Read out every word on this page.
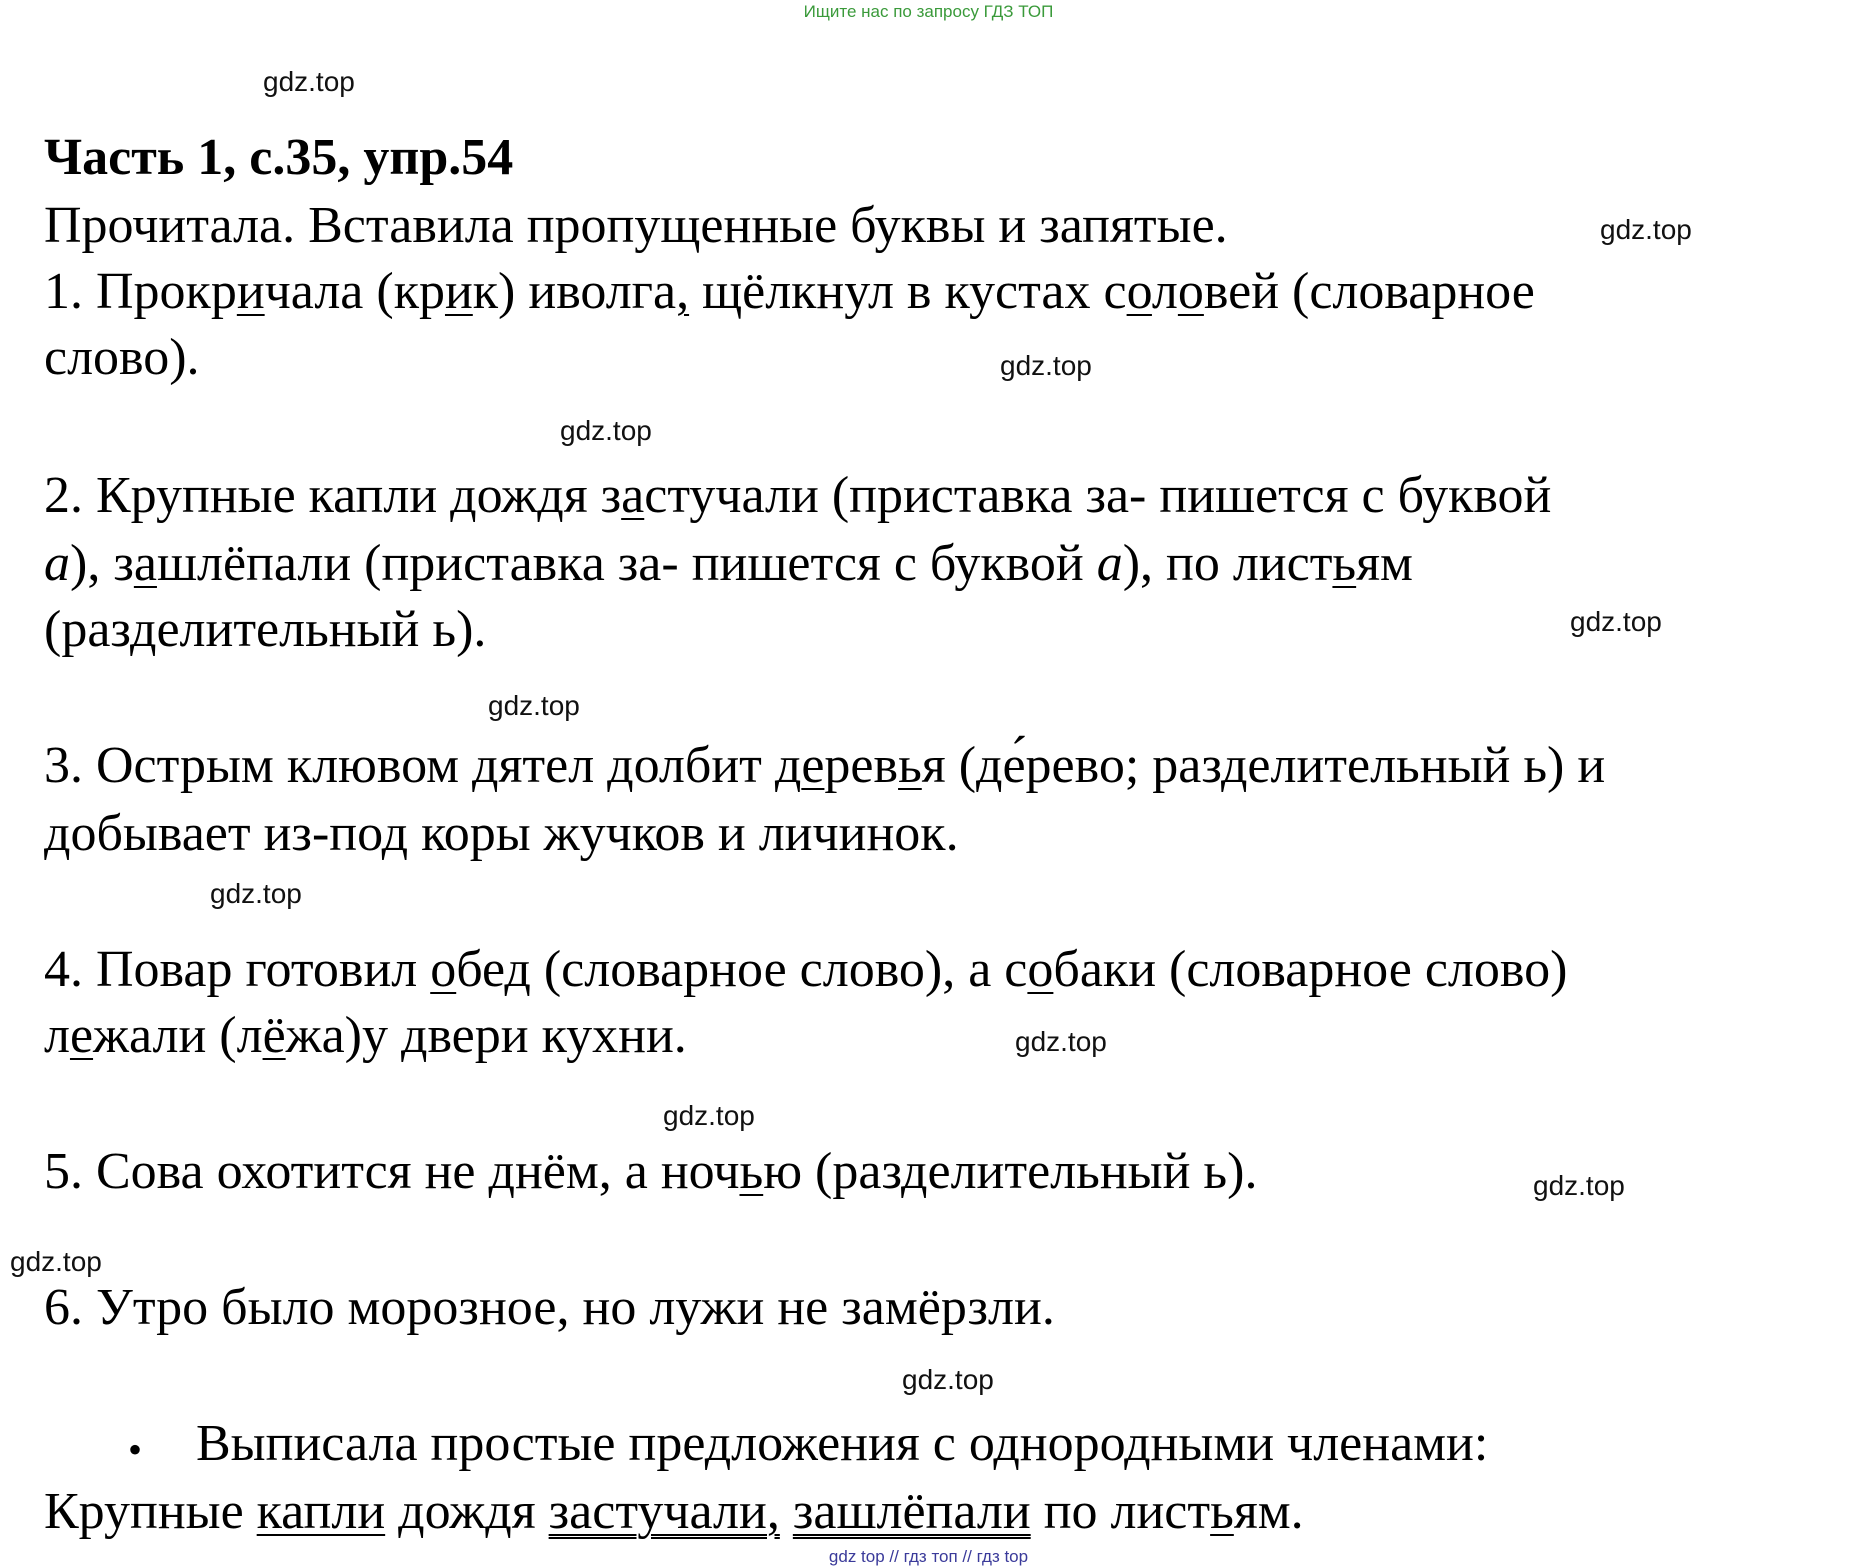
Ищите нас по запросу ГДЗ ТОП
gdz.top
gdz.top
gdz.top
gdz.top
gdz.top
gdz.top
gdz.top
gdz.top
gdz.top
gdz.top
gdz.top
gdz.top
Часть 1, с.35, упр.54
Прочитала. Вставила пропущенные буквы и запятые.
1. Прокричала (крик) иволга, щёлкнул в кустах соловей (словарное
слово).
2. Крупные капли дождя застучали (приставка за- пишется с буквой
а), зашлёпали (приставка за- пишется с буквой а), по листьям
(разделительный ь).
3. Острым клювом дятел долбит деревья (де́рево; разделительный ь) и
добывает из-под коры жучков и личинок.
4. Повар готовил обед (словарное слово), а собаки (словарное слово)
лежали (лёжа)у двери кухни.
5. Сова охотится не днём, а ночью (разделительный ь).
6. Утро было морозное, но лужи не замёрзли.
• Выписала простые предложения с однородными членами:
Крупные капли дождя застучали, зашлёпали по листьям.
gdz top // гдз топ // гдз top
